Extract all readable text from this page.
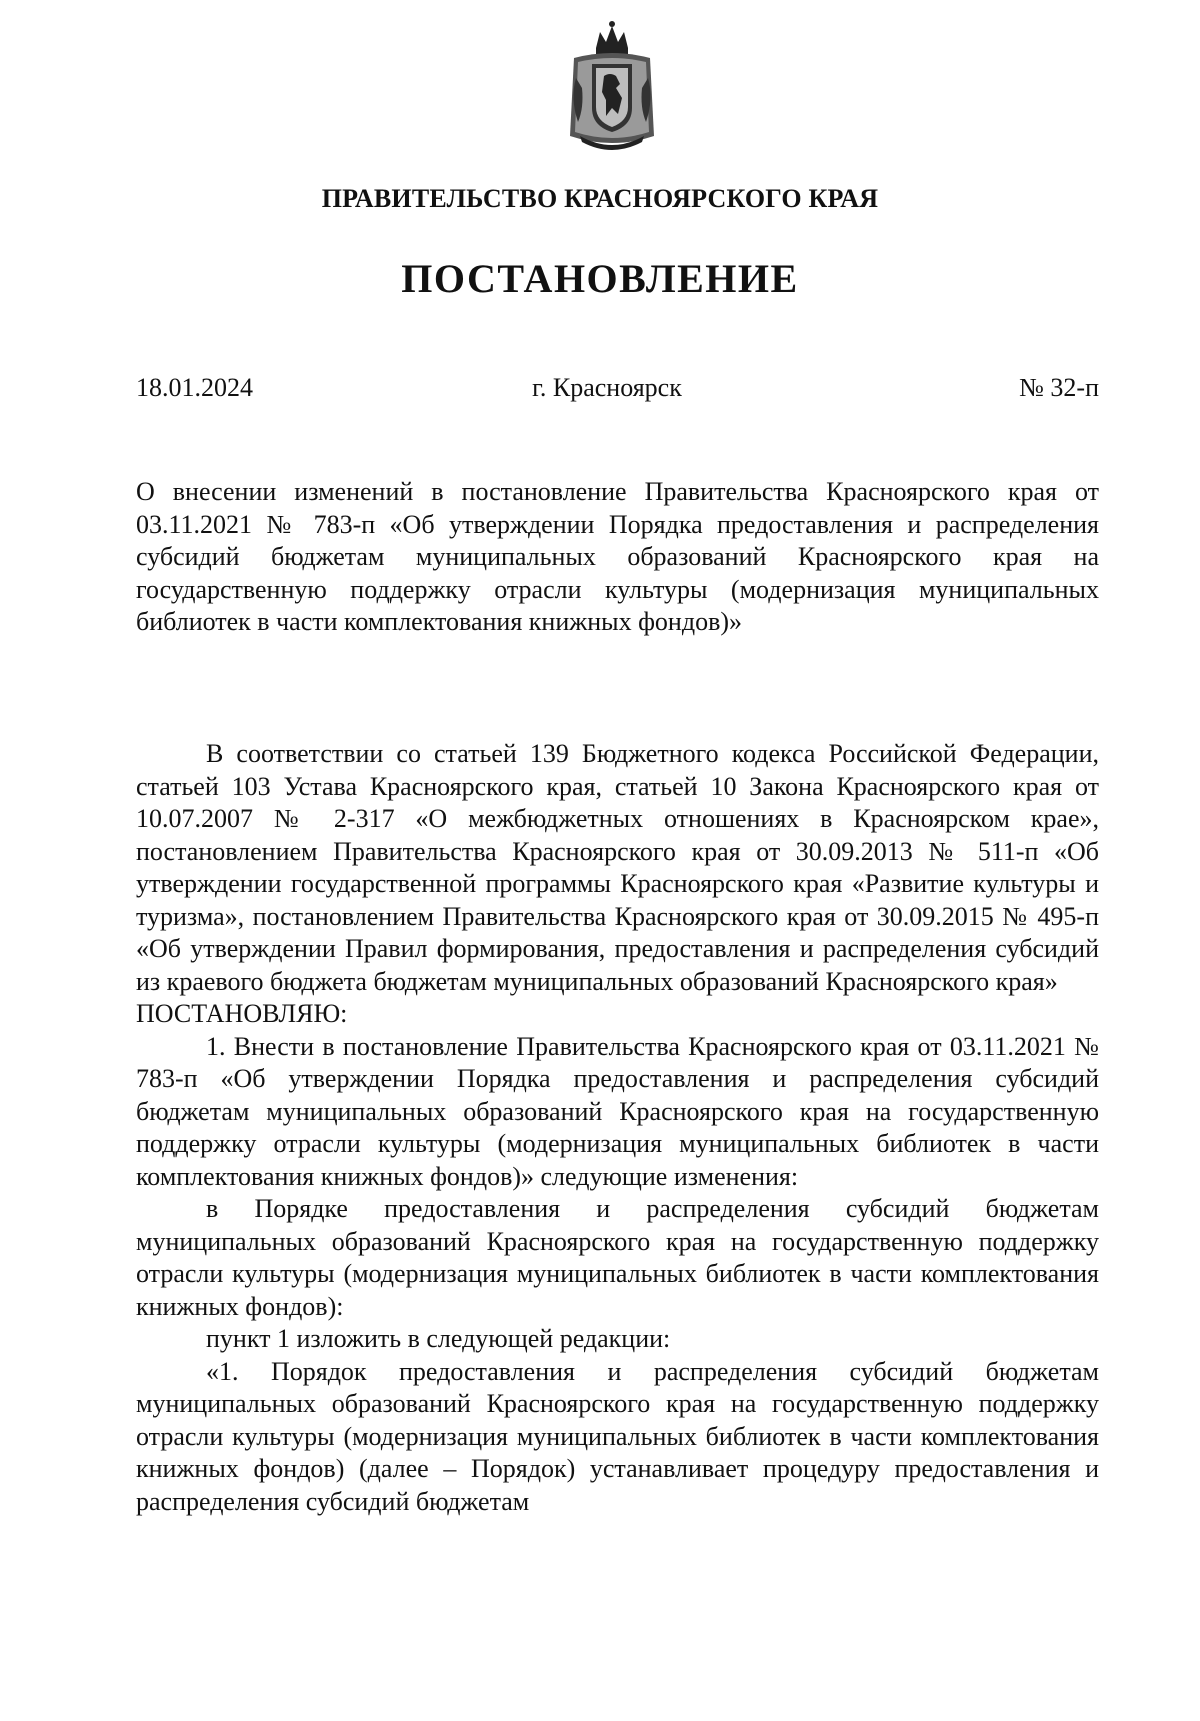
ПРАВИТЕЛЬСТВО КРАСНОЯРСКОГО КРАЯ
ПОСТАНОВЛЕНИЕ
18.01.2024	г. Красноярск	№ 32-п

О внесении изменений в постановление Правительства Красноярского края от 03.11.2021 № 783-п «Об утверждении Порядка предоставления и распределения субсидий бюджетам муниципальных образований Красноярского края на государственную поддержку отрасли культуры (модернизация муниципальных библиотек в части комплектования книжных фондов)»

В соответствии со статьей 139 Бюджетного кодекса Российской Федерации, статьей 103 Устава Красноярского края, статьей 10 Закона Красноярского края от 10.07.2007 № 2-317 «О межбюджетных отношениях в Красноярском крае», постановлением Правительства Красноярского края от 30.09.2013 № 511-п «Об утверждении государственной программы Красноярского края «Развитие культуры и туризма», постановлением Правительства Красноярского края от 30.09.2015 № 495-п «Об утверждении Правил формирования, предоставления и распределения субсидий из краевого бюджета бюджетам муниципальных образований Красноярского края»

ПОСТАНОВЛЯЮ:

1. Внести в постановление Правительства Красноярского края от 03.11.2021 № 783-п «Об утверждении Порядка предоставления и распределения субсидий бюджетам муниципальных образований Красноярского края на государственную поддержку отрасли культуры (модернизация муниципальных библиотек в части комплектования книжных фондов)» следующие изменения:

в Порядке предоставления и распределения субсидий бюджетам муниципальных образований Красноярского края на государственную поддержку отрасли культуры (модернизация муниципальных библиотек в части комплектования книжных фондов):

пункт 1 изложить в следующей редакции:

«1. Порядок предоставления и распределения субсидий бюджетам муниципальных образований Красноярского края на государственную поддержку отрасли культуры (модернизация муниципальных библиотек в части комплектования книжных фондов) (далее – Порядок) устанавливает процедуру предоставления и распределения субсидий бюджетам
